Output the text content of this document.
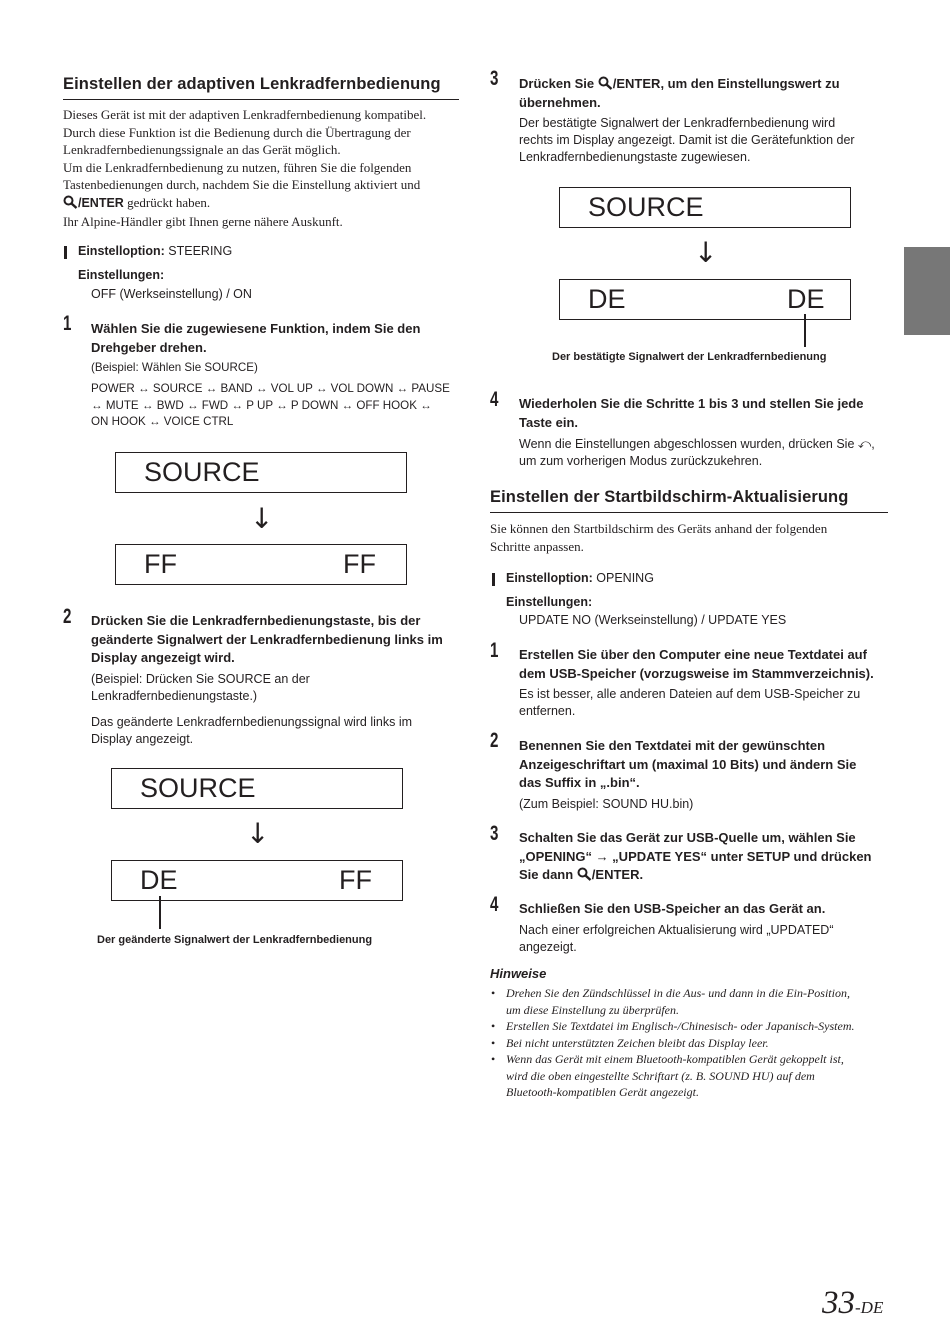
Einstellen der adaptiven Lenkradfernbedienung
Dieses Gerät ist mit der adaptiven Lenkradfernbedienung kompatibel.
Durch diese Funktion ist die Bedienung durch die Übertragung der
Lenkradfernbedienungssignale an das Gerät möglich.
Um die Lenkradfernbedienung zu nutzen, führen Sie die folgenden
Tastenbedienungen durch, nachdem Sie die Einstellung aktiviert und
/ENTER gedrückt haben.
Ihr Alpine-Händler gibt Ihnen gerne nähere Auskunft.
Einstelloption: STEERING
Einstellungen:
OFF (Werkseinstellung) / ON
1 Wählen Sie die zugewiesene Funktion, indem Sie den
Drehgeber drehen.
(Beispiel: Wählen Sie SOURCE)
POWER ↔ SOURCE ↔ BAND ↔ VOL UP ↔ VOL DOWN ↔ PAUSE
↔ MUTE ↔ BWD ↔ FWD ↔ P UP ↔ P DOWN ↔ OFF HOOK ↔
ON HOOK ↔ VOICE CTRL
SOURCE
↓
FF	FF
2 Drücken Sie die Lenkradfernbedienungstaste, bis der
geänderte Signalwert der Lenkradfernbedienung links im
Display angezeigt wird.
(Beispiel: Drücken Sie SOURCE an der
Lenkradfernbedienungstaste.)
Das geänderte Lenkradfernbedienungssignal wird links im
Display angezeigt.
SOURCE
↓
DE	FF
Der geänderte Signalwert der Lenkradfernbedienung
3 Drücken Sie /ENTER, um den Einstellungswert zu
übernehmen.
Der bestätigte Signalwert der Lenkradfernbedienung wird
rechts im Display angezeigt. Damit ist die Gerätefunktion der
Lenkradfernbedienungstaste zugewiesen.
SOURCE
↓
DE	DE
Der bestätigte Signalwert der Lenkradfernbedienung
4 Wiederholen Sie die Schritte 1 bis 3 und stellen Sie jede
Taste ein.
Wenn die Einstellungen abgeschlossen wurden, drücken Sie ⤺,
um zum vorherigen Modus zurückzukehren.
Einstellen der Startbildschirm-Aktualisierung
Sie können den Startbildschirm des Geräts anhand der folgenden
Schritte anpassen.
Einstelloption: OPENING
Einstellungen:
UPDATE NO (Werkseinstellung) / UPDATE YES
1 Erstellen Sie über den Computer eine neue Textdatei auf
dem USB-Speicher (vorzugsweise im Stammverzeichnis).
Es ist besser, alle anderen Dateien auf dem USB-Speicher zu
entfernen.
2 Benennen Sie den Textdatei mit der gewünschten
Anzeigeschriftart um (maximal 10 Bits) und ändern Sie
das Suffix in „.bin“.
(Zum Beispiel: SOUND HU.bin)
3 Schalten Sie das Gerät zur USB-Quelle um, wählen Sie
„OPENING“ → „UPDATE YES“ unter SETUP und drücken
Sie dann /ENTER.
4 Schließen Sie den USB-Speicher an das Gerät an.
Nach einer erfolgreichen Aktualisierung wird „UPDATED“
angezeigt.
Hinweise
• Drehen Sie den Zündschlüssel in die Aus- und dann in die Ein-Position,
um diese Einstellung zu überprüfen.
• Erstellen Sie Textdatei im Englisch-/Chinesisch- oder Japanisch-System.
• Bei nicht unterstützten Zeichen bleibt das Display leer.
• Wenn das Gerät mit einem Bluetooth-kompatiblen Gerät gekoppelt ist,
wird die oben eingestellte Schriftart (z. B. SOUND HU) auf dem
Bluetooth-kompatiblen Gerät angezeigt.
33-DE
